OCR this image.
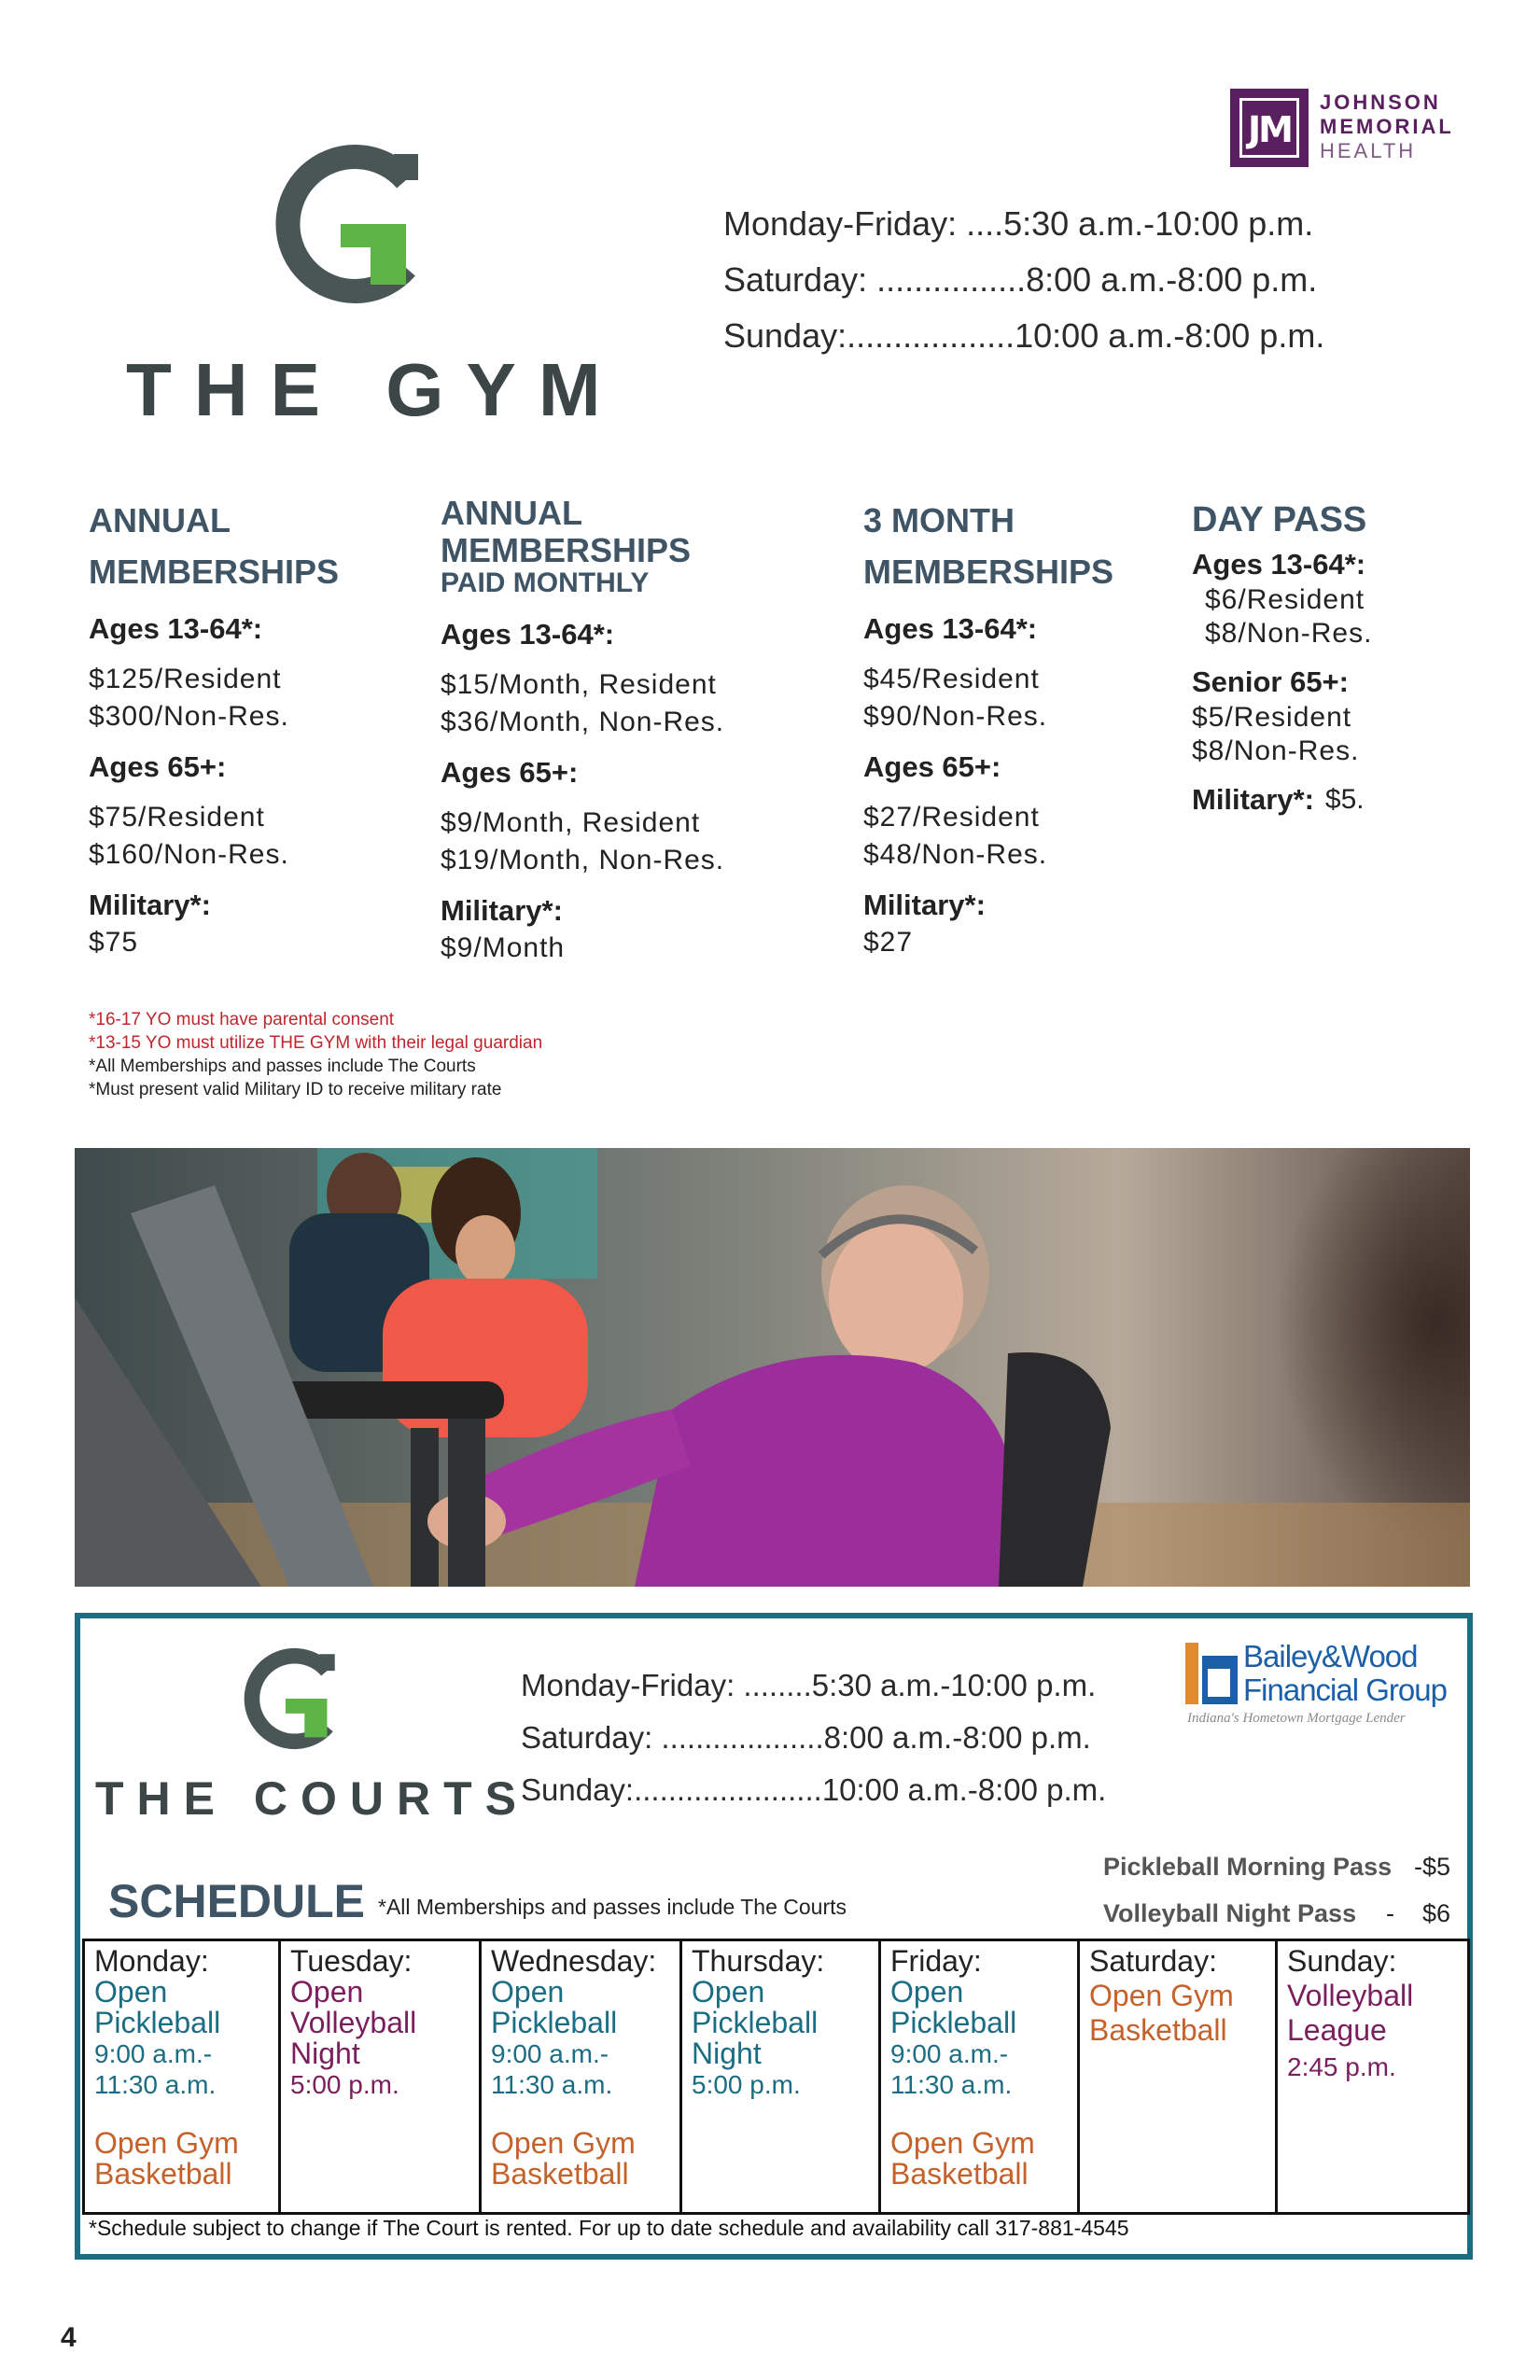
JM
JOHNSON
MEMORIAL
HEALTH
THE GYM
Monday-Friday: .... 5:30 a.m.-10:00 p.m.
Saturday: ................ 8:00 a.m.-8:00 p.m.
Sunday:.................. 10:00 a.m.-8:00 p.m.
ANNUAL MEMBERSHIPS
Ages 13-64*:
$125/Resident
$300/Non-Res.
Ages 65+:
$75/Resident
$160/Non-Res.
Military*:
$75
ANNUAL MEMBERSHIPS
PAID MONTHLY
Ages 13-64*:
$15/Month, Resident
$36/Month, Non-Res.
Ages 65+:
$9/Month, Resident
$19/Month, Non-Res.
Military*:
$9/Month
3 MONTH MEMBERSHIPS
Ages 13-64*:
$45/Resident
$90/Non-Res.
Ages 65+:
$27/Resident
$48/Non-Res.
Military*:
$27
DAY PASS
Ages 13-64*:
$6/Resident
$8/Non-Res.
Senior 65+:
$5/Resident
$8/Non-Res.
Military*: $5.
*16-17 YO must have parental consent
*13-15 YO must utilize THE GYM with their legal guardian
*All Memberships and passes include The Courts
*Must present valid Military ID to receive military rate
THE COURTS
Monday-Friday: ........ 5:30 a.m.-10:00 p.m.
Saturday: ................... 8:00 a.m.-8:00 p.m.
Sunday:...................... 10:00 a.m.-8:00 p.m.
Bailey&Wood
Financial Group
Indiana's Hometown Mortgage Lender
Pickleball Morning Pass -$5
Volleyball Night Pass -    $6
SCHEDULE *All Memberships and passes include The Courts
Monday:
Open
Pickleball
9:00 a.m.-
11:30 a.m.
Open Gym
Basketball
Tuesday:
Open
Volleyball
Night
5:00 p.m.
Wednesday:
Open
Pickleball
9:00 a.m.-
11:30 a.m.
Open Gym
Basketball
Thursday:
Open
Pickleball
Night
5:00 p.m.
Friday:
Open
Pickleball
9:00 a.m.-
11:30 a.m.
Open Gym
Basketball
Saturday:
Open Gym
Basketball
Sunday:
Volleyball
League
2:45 p.m.
*Schedule subject to change if The Court is rented. For up to date schedule and availability call 317-881-4545
4
